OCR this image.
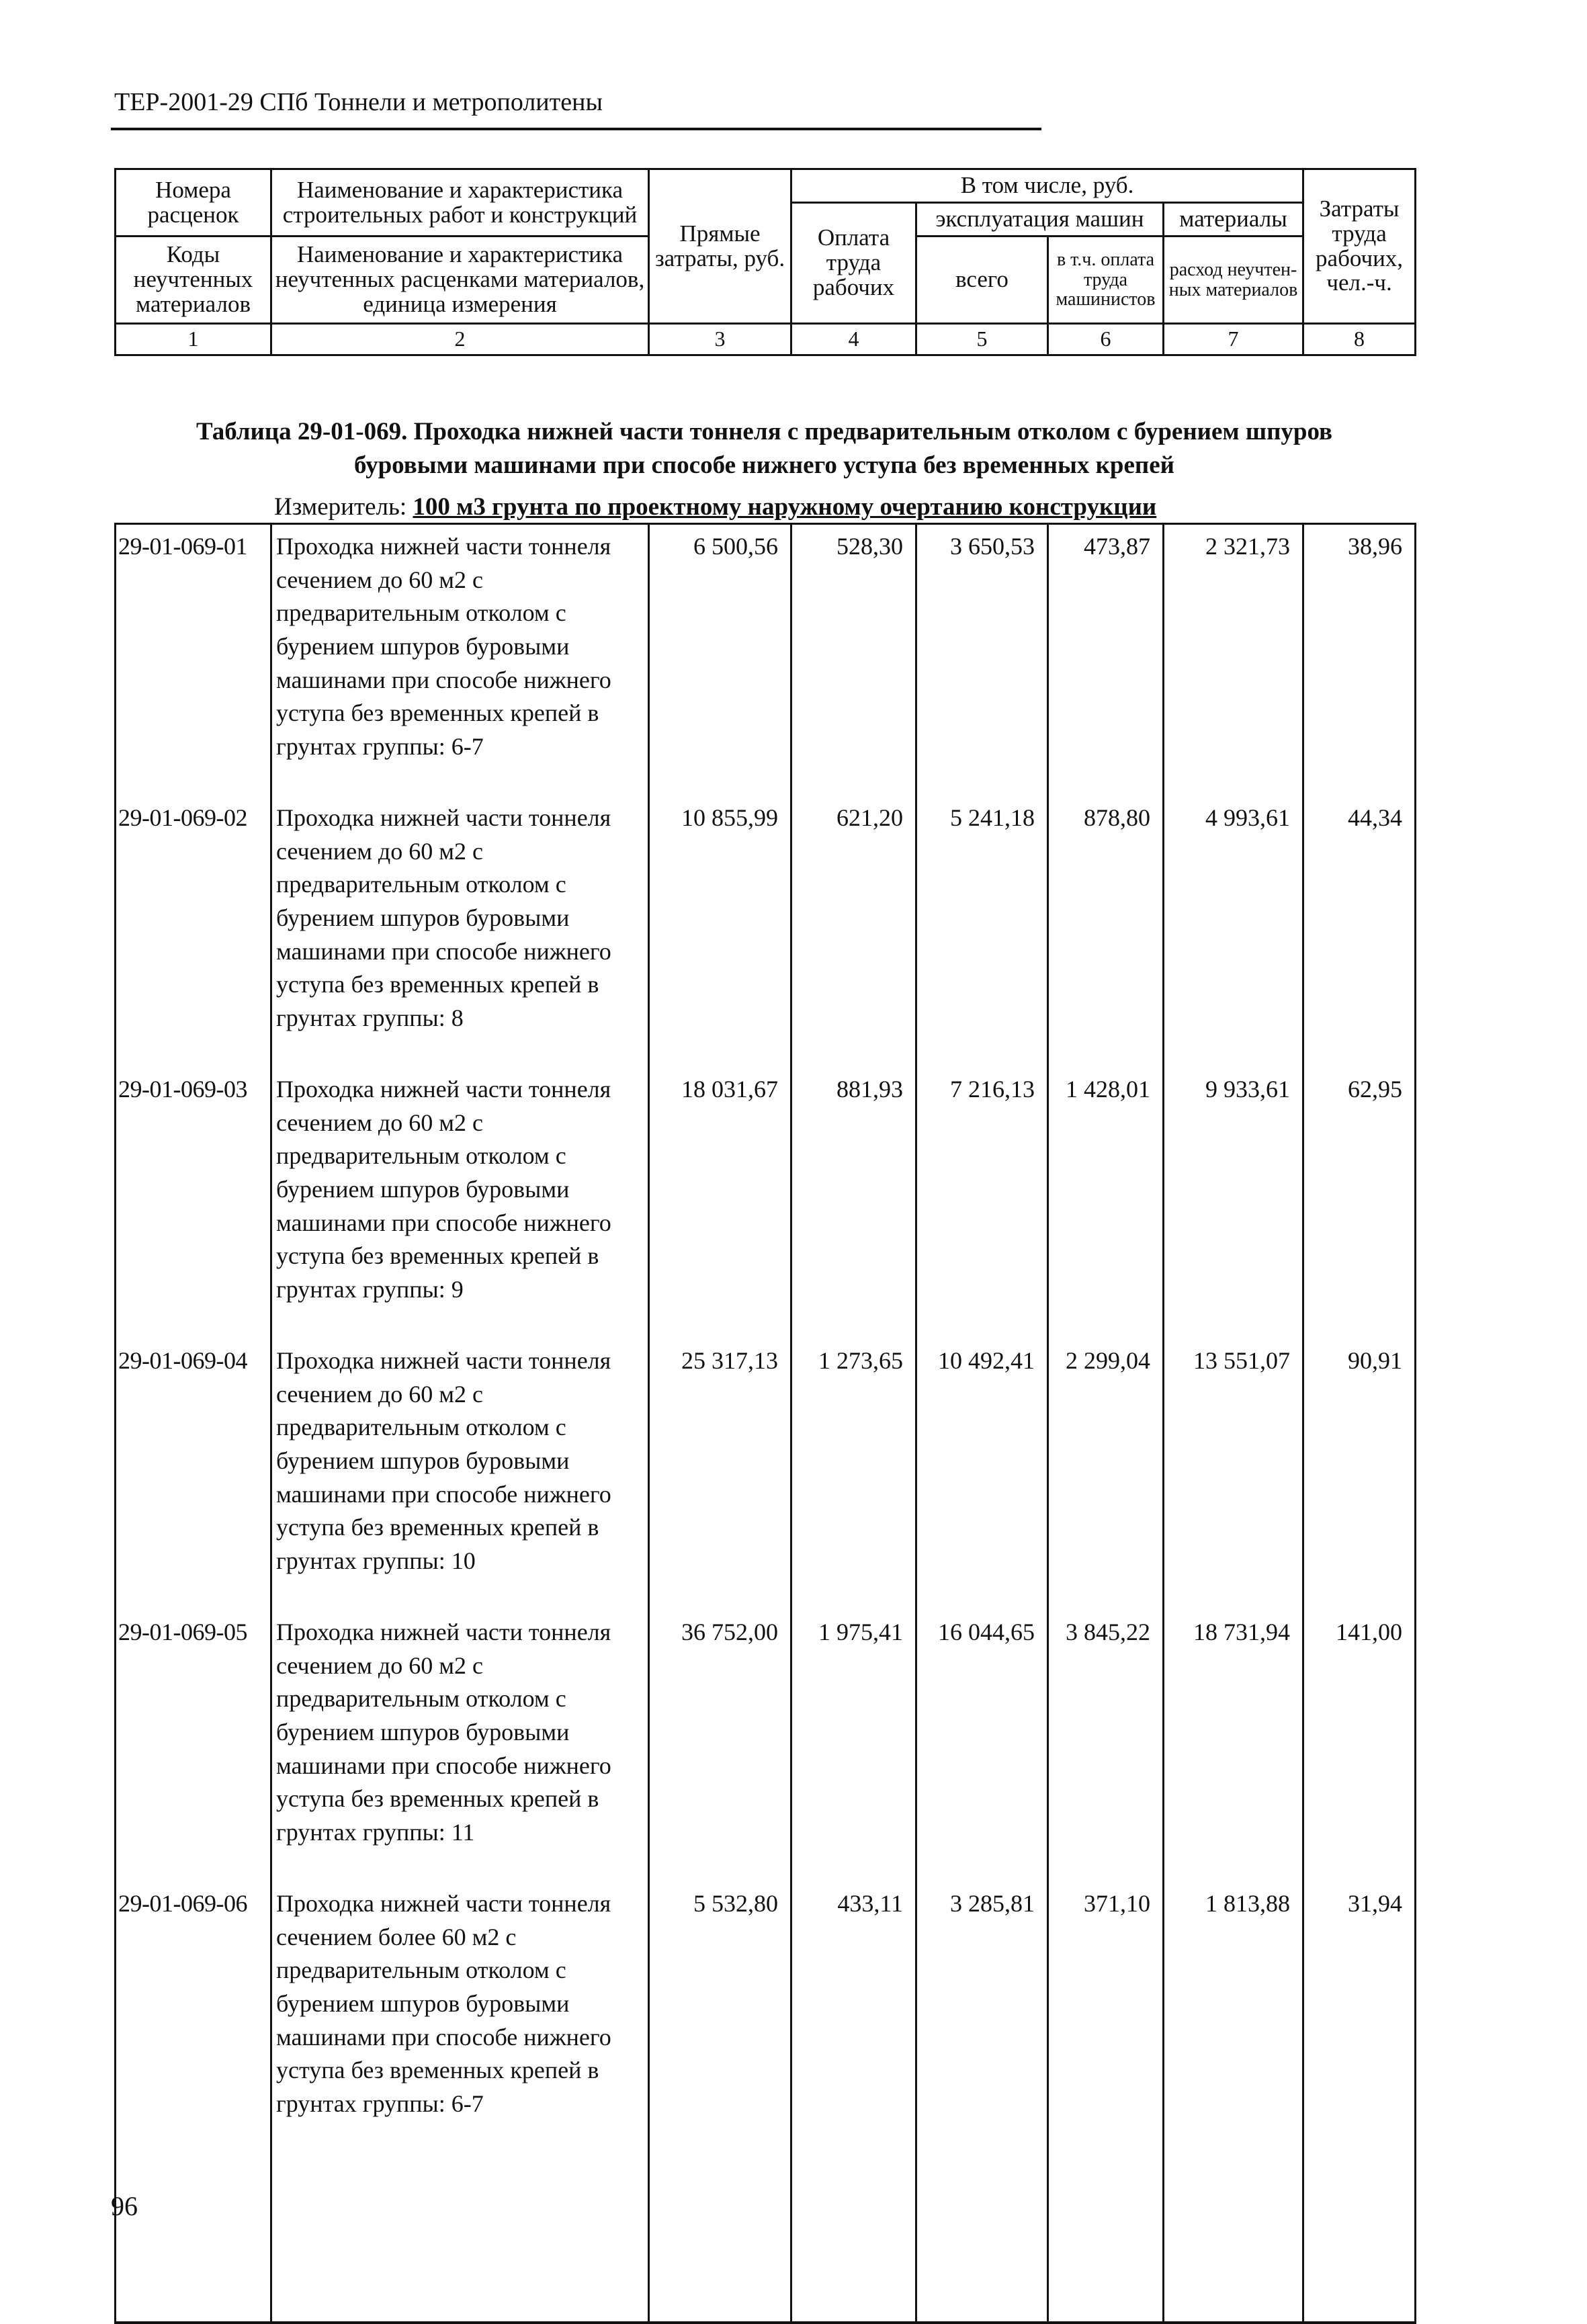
ТЕР-2001-29 СПб Тоннели и метрополитены
Номера расценок	Наименование и характеристика строительных работ и конструкций	Прямые затраты, руб.	В том числе, руб.				Затраты труда рабочих, чел.-ч.
			Оплата труда рабочих	эксплуатация машин		материалы	
Коды неучтенных материалов	Наименование и характеристика неучтенных расценками материалов, единица измерения			всего	в т.ч. оплата труда машинистов	расход неучтен-ных материалов	

1	2	3	4	5	6	7	8
Таблица 29-01-069. Проходка нижней части тоннеля с предварительным отколом с бурением шпуров
буровыми машинами при способе нижнего уступа без временных крепей
Измеритель: 100 м3 грунта по проектному наружному очертанию конструкции
29-01-069-01	Проходка нижней части тоннеля сечением до 60 м2 с предварительным отколом с бурением шпуров буровыми машинами при способе нижнего уступа без временных крепей в грунтах группы: 6-7	6 500,56	528,30	3 650,53	473,87	2 321,73	38,96
29-01-069-02	Проходка нижней части тоннеля сечением до 60 м2 с предварительным отколом с бурением шпуров буровыми машинами при способе нижнего уступа без временных крепей в грунтах группы: 8	10 855,99	621,20	5 241,18	878,80	4 993,61	44,34
29-01-069-03	Проходка нижней части тоннеля сечением до 60 м2 с предварительным отколом с бурением шпуров буровыми машинами при способе нижнего уступа без временных крепей в грунтах группы: 9	18 031,67	881,93	7 216,13	1 428,01	9 933,61	62,95
29-01-069-04	Проходка нижней части тоннеля сечением до 60 м2 с предварительным отколом с бурением шпуров буровыми машинами при способе нижнего уступа без временных крепей в грунтах группы: 10	25 317,13	1 273,65	10 492,41	2 299,04	13 551,07	90,91
29-01-069-05	Проходка нижней части тоннеля сечением до 60 м2 с предварительным отколом с бурением шпуров буровыми машинами при способе нижнего уступа без временных крепей в грунтах группы: 11	36 752,00	1 975,41	16 044,65	3 845,22	18 731,94	141,00
29-01-069-06	Проходка нижней части тоннеля сечением более 60 м2 с предварительным отколом с бурением шпуров буровыми машинами при способе нижнего уступа без временных крепей в грунтах группы: 6-7	5 532,80	433,11	3 285,81	371,10	1 813,88	31,94

96
